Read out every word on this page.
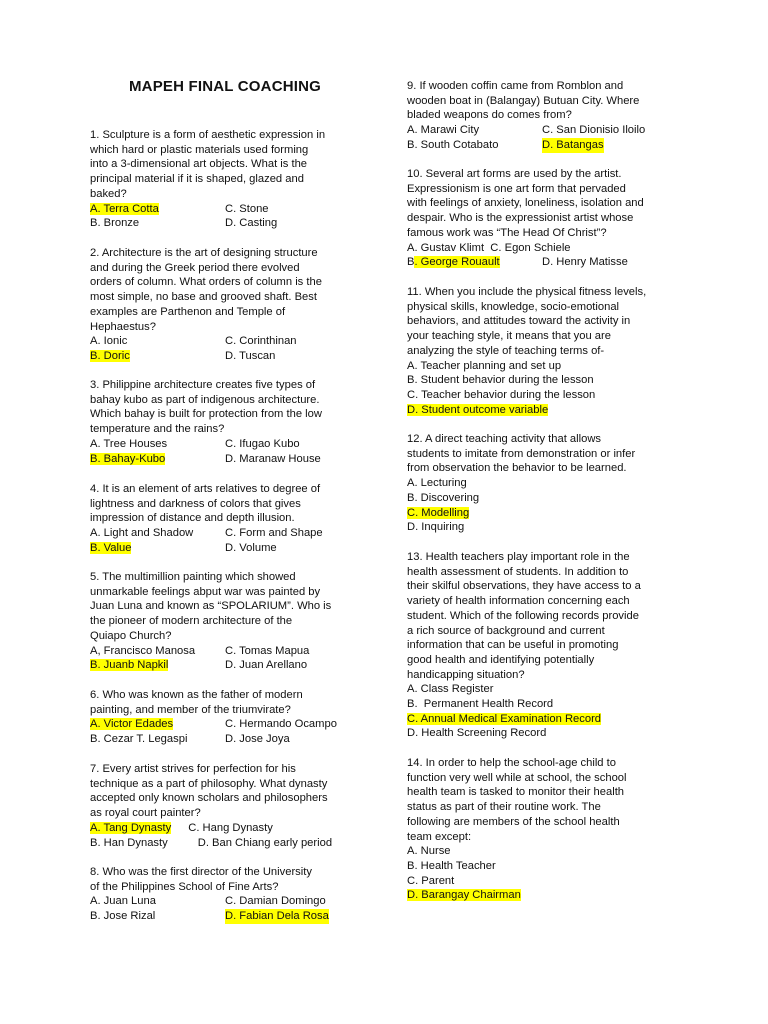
MAPEH FINAL COACHING

1. Sculpture is a form of aesthetic expression in

which hard or plastic materials used forming

into a 3-dimensional art objects. What is the

principal material if it is shaped, glazed and

baked?

A. Terra Cotta	C. Stone
B. Bronze	D. Casting

2. Architecture is the art of designing structure

and during the Greek period there evolved

orders of column. What orders of column is the

most simple, no base and grooved shaft. Best

examples are Parthenon and Temple of

Hephaestus?

A. Ionic	C. Corinthinan
B. Doric	D. Tuscan

3. Philippine architecture creates five types of

bahay kubo as part of indigenous architecture.

Which bahay is built for protection from the low

temperature and the rains?

A. Tree Houses	C. Ifugao Kubo
B. Bahay-Kubo	D. Maranaw House

4. It is an element of arts relatives to degree of

lightness and darkness of colors that gives

impression of distance and depth illusion.

A. Light and Shadow	C. Form and Shape
B. Value	D. Volume

5. The multimillion painting which showed

unmarkable feelings abput war was painted by

Juan Luna and known as “SPOLARIUM”. Who is

the pioneer of modern architecture of the

Quiapo Church?

A, Francisco Manosa	C. Tomas Mapua
B. Juanb Napkil	D. Juan Arellano

6. Who was known as the father of modern

painting, and member of the triumvirate?

A. Victor Edades	C. Hermando Ocampo
B. Cezar T. Legaspi	D. Jose Joya

7. Every artist strives for perfection for his

technique as a part of philosophy. What dynasty

accepted only known scholars and philosophers

as royal court painter?

A. Tang Dynasty C. Hang Dynasty
B. Han Dynasty	D. Ban Chiang early period

8. Who was the first director of the University

of the Philippines School of Fine Arts?

A. Juan Luna	C. Damian Domingo
B. Jose Rizal	D. Fabian Dela Rosa

9. If wooden coffin came from Romblon and

wooden boat in (Balangay) Butuan City. Where

bladed weapons do comes from?

A. Marawi City	C. San Dionisio Iloilo
B. South Cotabato	D. Batangas

10. Several art forms are used by the artist.

Expressionism is one art form that pervaded

with feelings of anxiety, loneliness, isolation and

despair. Who is the expressionist artist whose

famous work was “The Head Of Christ”?

A. Gustav Klimt  C. Egon Schiele

B. George Rouault	D. Henry Matisse

11. When you include the physical fitness levels,

physical skills, knowledge, socio-emotional

behaviors, and attitudes toward the activity in

your teaching style, it means that you are

analyzing the style of teaching terms of-

A. Teacher planning and set up

B. Student behavior during the lesson

C. Teacher behavior during the lesson

D. Student outcome variable

12. A direct teaching activity that allows

students to imitate from demonstration or infer

from observation the behavior to be learned.

A. Lecturing

B. Discovering

C. Modelling

D. Inquiring

13. Health teachers play important role in the

health assessment of students. In addition to

their skilful observations, they have access to a

variety of health information concerning each

student. Which of the following records provide

a rich source of background and current

information that can be useful in promoting

good health and identifying potentially

handicapping situation?

A. Class Register

B.  Permanent Health Record

C. Annual Medical Examination Record

D. Health Screening Record

14. In order to help the school-age child to

function very well while at school, the school

health team is tasked to monitor their health

status as part of their routine work. The

following are members of the school health

team except:

A. Nurse

B. Health Teacher

C. Parent

D. Barangay Chairman
